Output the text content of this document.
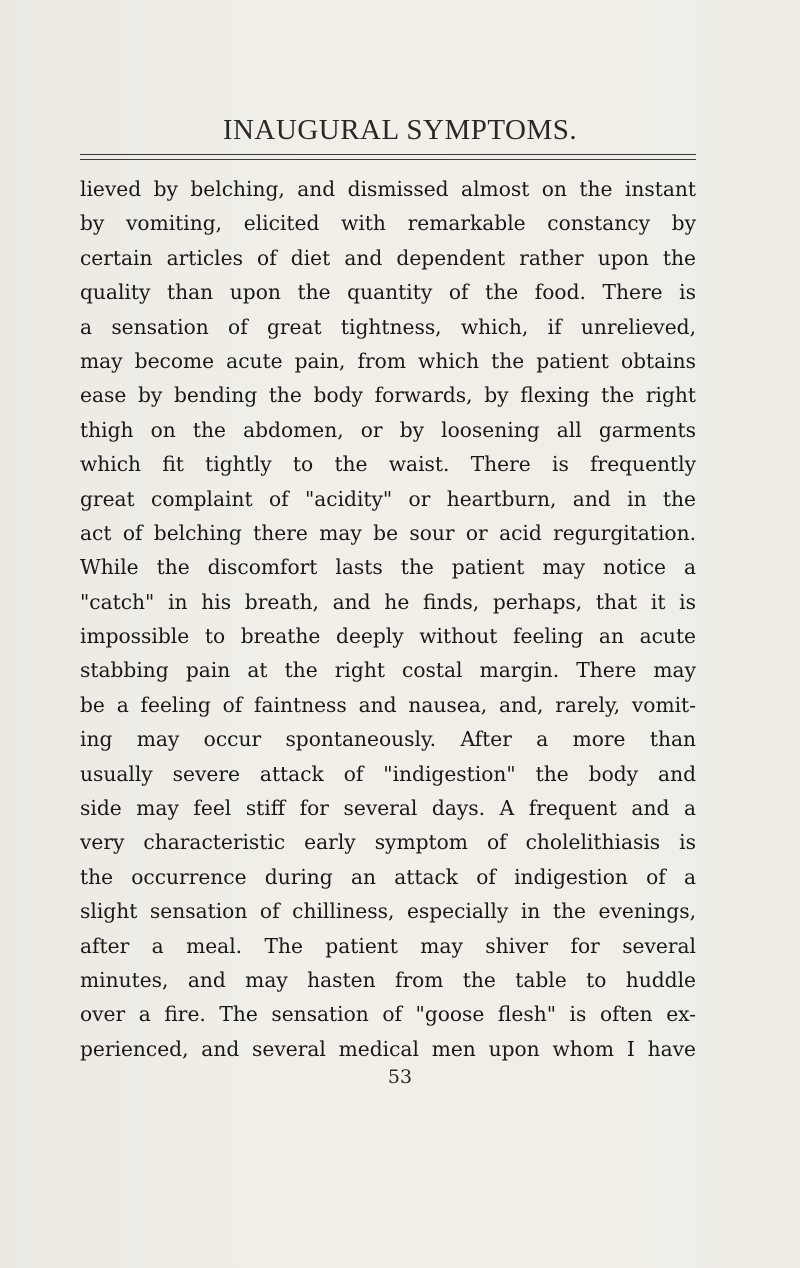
INAUGURAL SYMPTOMS.
lieved by belching, and dismissed almost on the instant
by vomiting, elicited with remarkable constancy by
certain articles of diet and dependent rather upon the
quality than upon the quantity of the food. There is
a sensation of great tightness, which, if unrelieved,
may become acute pain, from which the patient obtains
ease by bending the body forwards, by flexing the right
thigh on the abdomen, or by loosening all garments
which fit tightly to the waist. There is frequently
great complaint of "acidity" or heartburn, and in the
act of belching there may be sour or acid regurgitation.
While the discomfort lasts the patient may notice a
"catch" in his breath, and he finds, perhaps, that it is
impossible to breathe deeply without feeling an acute
stabbing pain at the right costal margin. There may
be a feeling of faintness and nausea, and, rarely, vomit-
ing may occur spontaneously. After a more than
usually severe attack of "indigestion" the body and
side may feel stiff for several days. A frequent and a
very characteristic early symptom of cholelithiasis is
the occurrence during an attack of indigestion of a
slight sensation of chilliness, especially in the evenings,
after a meal. The patient may shiver for several
minutes, and may hasten from the table to huddle
over a fire. The sensation of "goose flesh" is often ex-
perienced, and several medical men upon whom I have
53
